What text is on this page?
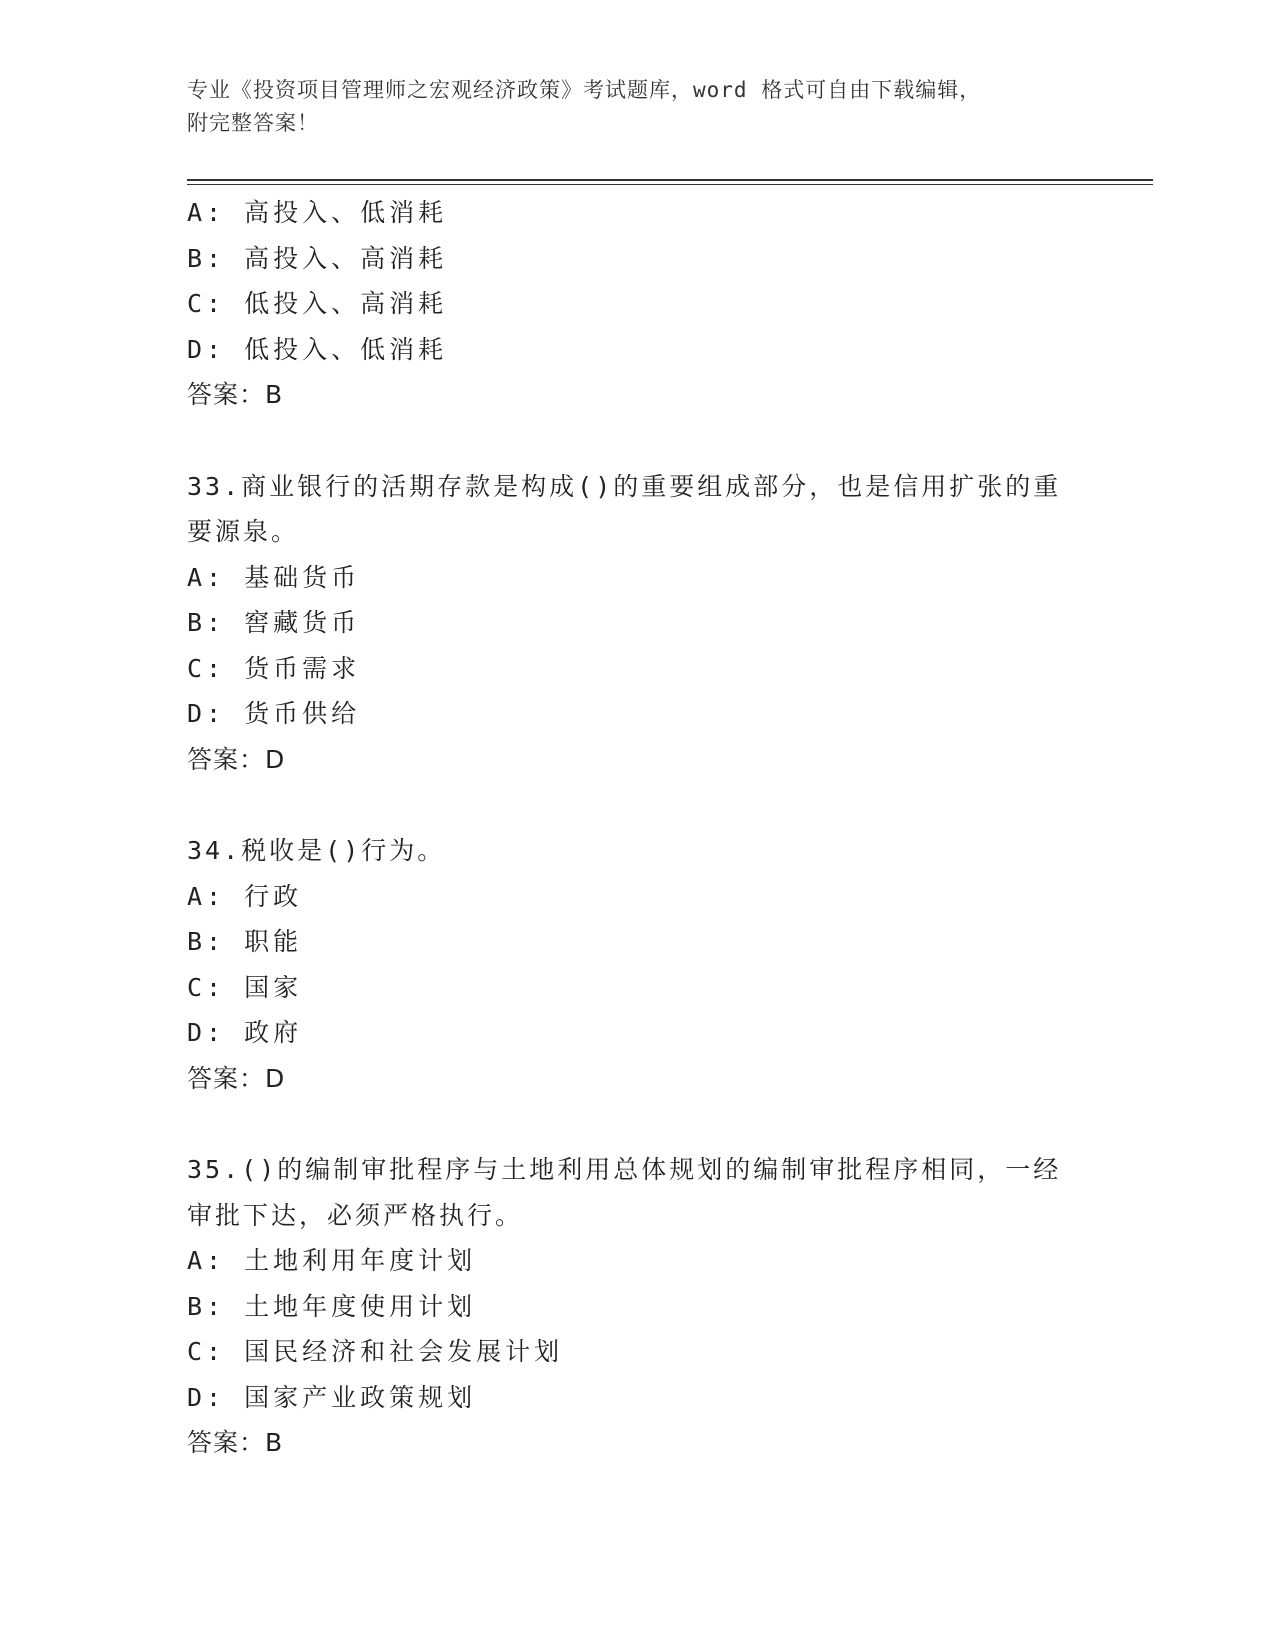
专业《投资项目管理师之宏观经济政策》考试题库，word 格式可自由下载编辑，
附完整答案！
A: 高投入、低消耗
B: 高投入、高消耗
C: 低投入、高消耗
D: 低投入、低消耗
答案：B
33.商业银行的活期存款是构成()的重要组成部分，也是信用扩张的重
要源泉。
A: 基础货币
B: 窖藏货币
C: 货币需求
D: 货币供给
答案：D
34.税收是()行为。
A: 行政
B: 职能
C: 国家
D: 政府
答案：D
35.()的编制审批程序与土地利用总体规划的编制审批程序相同，一经
审批下达，必须严格执行。
A: 土地利用年度计划
B: 土地年度使用计划
C: 国民经济和社会发展计划
D: 国家产业政策规划
答案：B
